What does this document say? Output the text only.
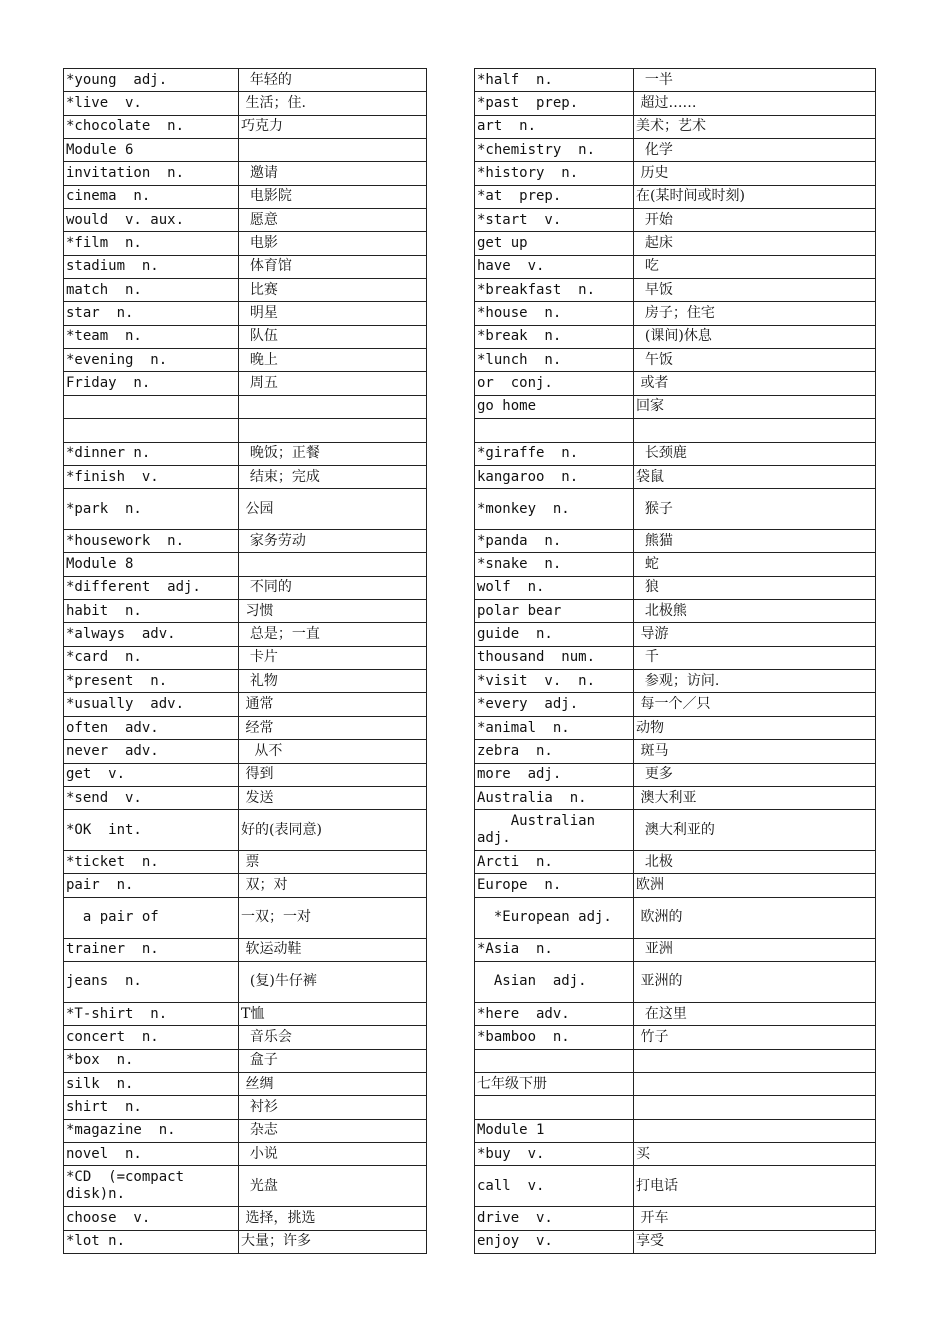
*young  adj.	年轻的
*live  v.	生活；住.
*chocolate  n.	巧克力
Module 6	
invitation  n.	邀请
cinema  n.	电影院
would  v. aux.	愿意
*film  n.	电影
stadium  n.	体育馆
match  n.	比赛
star  n.	明星
*team  n.	队伍
*evening  n.	晚上
Friday  n.	周五

*dinner n.	晚饭；正餐
*finish  v.	结束；完成
*park  n.	公园
*housework  n.	家务劳动
Module 8	
*different  adj.	不同的
habit  n.	习惯
*always  adv.	总是；一直
*card  n.	卡片
*present  n.	礼物
*usually  adv.	通常
often  adv.	经常
never  adv.	从不
get  v.	得到
*send  v.	发送
*OK  int.	好的(表同意)
*ticket  n.	票
pair  n.	双；对
a pair of	一双；一对
trainer  n.	软运动鞋
jeans  n.	(复)牛仔裤
*T-shirt  n.	T恤
concert  n.	音乐会
*box  n.	盒子
silk  n.	丝绸
shirt  n.	衬衫
*magazine  n.	杂志
novel  n.	小说
*CD  (=compact disk)n.	光盘
choose  v.	选择，挑选
*lot n.	大量；许多
*half  n.	一半
*past  prep.	超过……
art  n.	美术；艺术
*chemistry  n.	化学
*history  n.	历史
*at  prep.	在(某时间或时刻)
*start  v.	开始
get up	起床
have  v.	吃
*breakfast  n.	早饭
*house  n.	房子；住宅
*break  n.	(课间)休息
*lunch  n.	午饭
or  conj.	或者
go home	回家

*giraffe  n.	长颈鹿
kangaroo  n.	袋鼠
*monkey  n.	猴子
*panda  n.	熊猫
*snake  n.	蛇
wolf  n.	狼
polar bear	北极熊
guide  n.	导游
thousand  num.	千
*visit  v.  n.	参观；访问.
*every  adj.	每一个／只
*animal  n.	动物
zebra  n.	斑马
more  adj.	更多
Australia  n.	澳大利亚
Australian adj.	澳大利亚的
Arcti  n.	北极
Europe  n.	欧洲
*European adj.	欧洲的
*Asia  n.	亚洲
Asian  adj.	亚洲的
*here  adv.	在这里
*bamboo  n.	竹子

七年级下册	

Module 1	
*buy  v.	买
call  v.	打电话
drive  v.	开车
enjoy  v.	享受
